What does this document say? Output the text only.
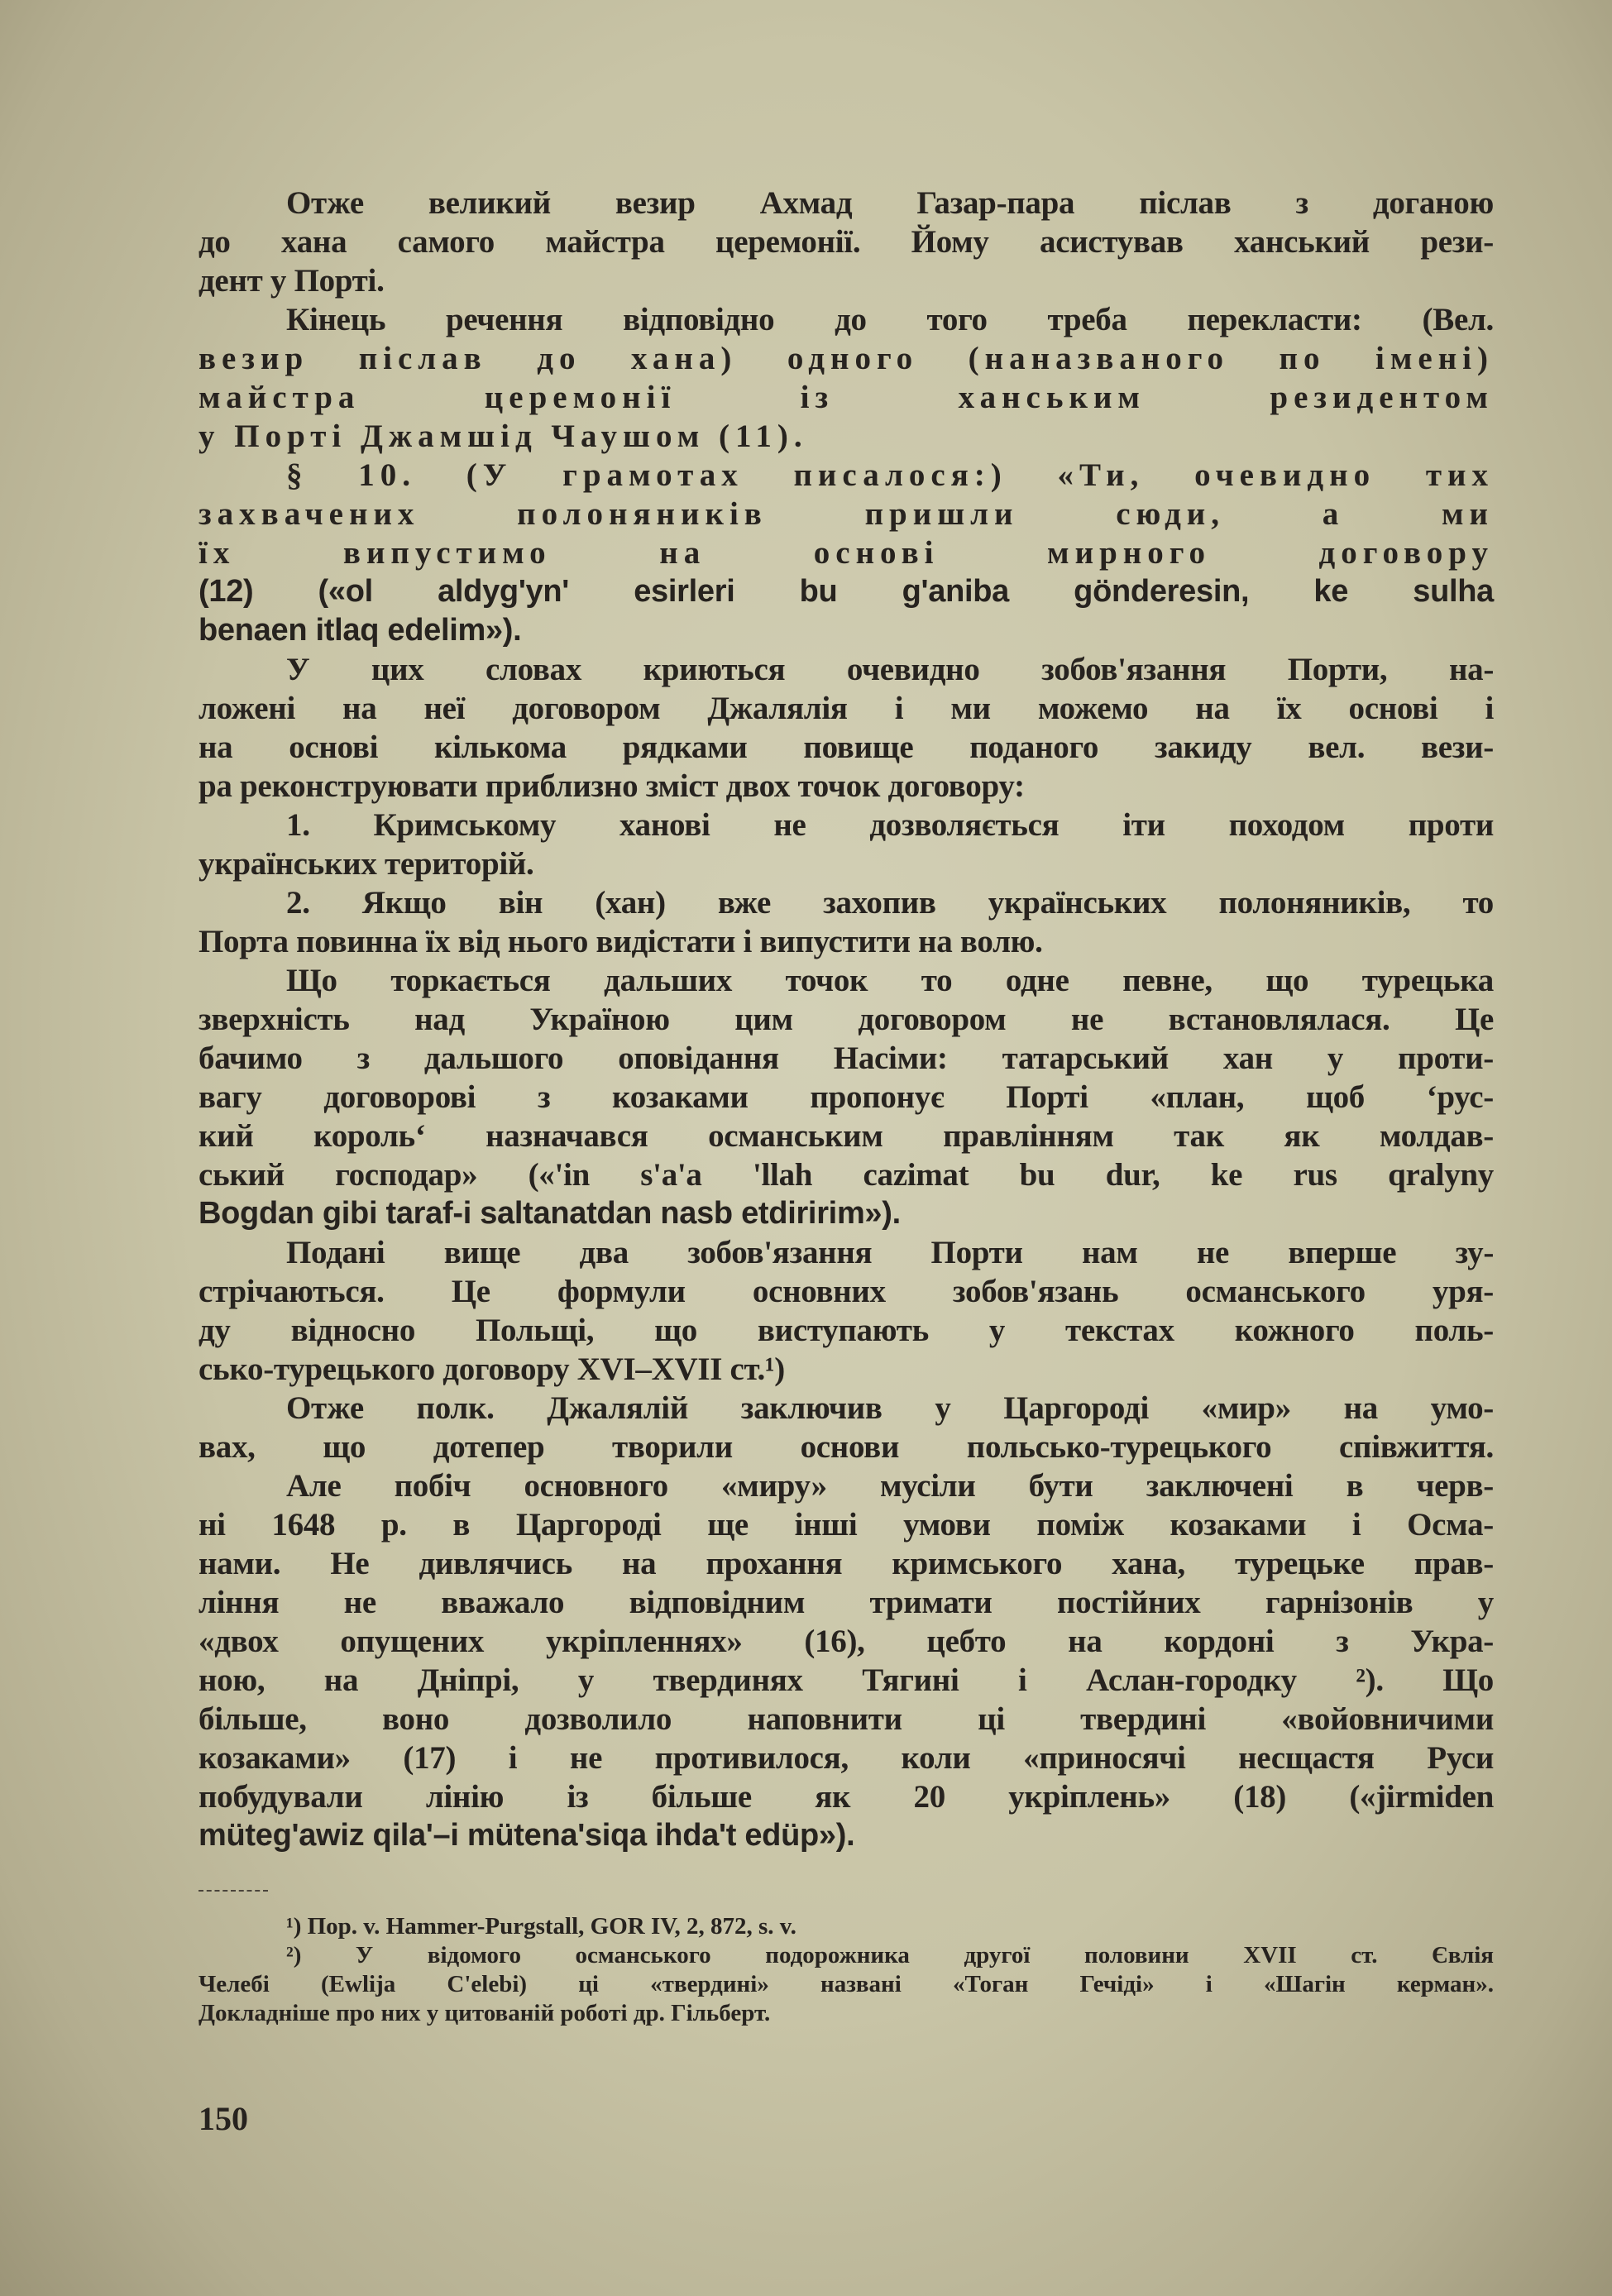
Отже великий везир Ахмад Газар-пара післав з доганою
до хана самого майстра церемонії. Йому асистував ханський рези-
дент у Порті.
Кінець речення відповідно до того треба перекласти: (Вел.
везир післав до хана) одного (наназваного по імені)
майстра церемонії із ханським резидентом
у Порті Джамшід Чаушом (11).
§ 10. (У грамотах писалося:) «Ти, очевидно тих
захвачених полоняників пришли сюди, а ми
їх випустимо на основі мирного договору
(12) («ol aldyg'yn' esirleri bu g'aniba gönderesin, ke sulha
benaen itlaq edelim»).
У цих словах криються очевидно зобов'язання Порти, на-
ложені на неї договором Джалялія і ми можемо на їх основі і
на основі кількома рядками повище поданого закиду вел. вези-
ра реконструювати приблизно зміст двох точок договору:
1. Кримському ханові не дозволяється іти походом проти
українських територій.
2. Якщо він (хан) вже захопив українських полоняників, то
Порта повинна їх від нього видістати і випустити на волю.
Що торкається дальших точок то одне певне, що турецька
зверхність над Україною цим договором не встановлялася. Це
бачимо з дальшого оповідання Насіми: татарський хан у проти-
вагу договорові з козаками пропонує Порті «план, щоб ‘рус-
кий король‘ назначався османським правлінням так як молдав-
ський господар» («'in s'a'a 'llah cazimat bu dur, ke rus qralyny
Bogdan gibi taraf-i saltanatdan nasb etdiririm»).
Подані вище два зобов'язання Порти нам не вперше зу-
стрічаються. Це формули основних зобов'язань османського уря-
ду відносно Польщі, що виступають у текстах кожного поль-
сько-турецького договору XVI–XVII ст.¹)
Отже полк. Джалялій заключив у Царгороді «мир» на умо-
вах, що дотепер творили основи польсько-турецького співжиття.
Але побіч основного «миру» мусіли бути заключені в черв-
ні 1648 р. в Царгороді ще інші умови поміж козаками і Осма-
нами. Не дивлячись на прохання кримського хана, турецьке прав-
ління не вважало відповідним тримати постійних гарнізонів у
«двох опущених укріпленнях» (16), цебто на кордоні з Укра-
ною, на Дніпрі, у твердинях Тягині і Аслан-городку ²). Що
більше, воно дозволило наповнити ці твердині «войовничими
козаками» (17) і не противилося, коли «приносячі несщастя Руси
побудували лінію із більше як 20 укріплень» (18) («jirmiden
müteg'awiz qila'–i mütena'siqa ihda't edüp»).
¹) Пор. v. Hammer-Purgstall, GOR IV, 2, 872, s. v.
²) У відомого османського подорожника другої половини XVII ст. Євлія
Челебі (Ewlija C'elebi) ці «твердині» названі «Тоган Гечіді» і «Шагін керман».
Докладніше про них у цитованій роботі др. Гільберт.
150
